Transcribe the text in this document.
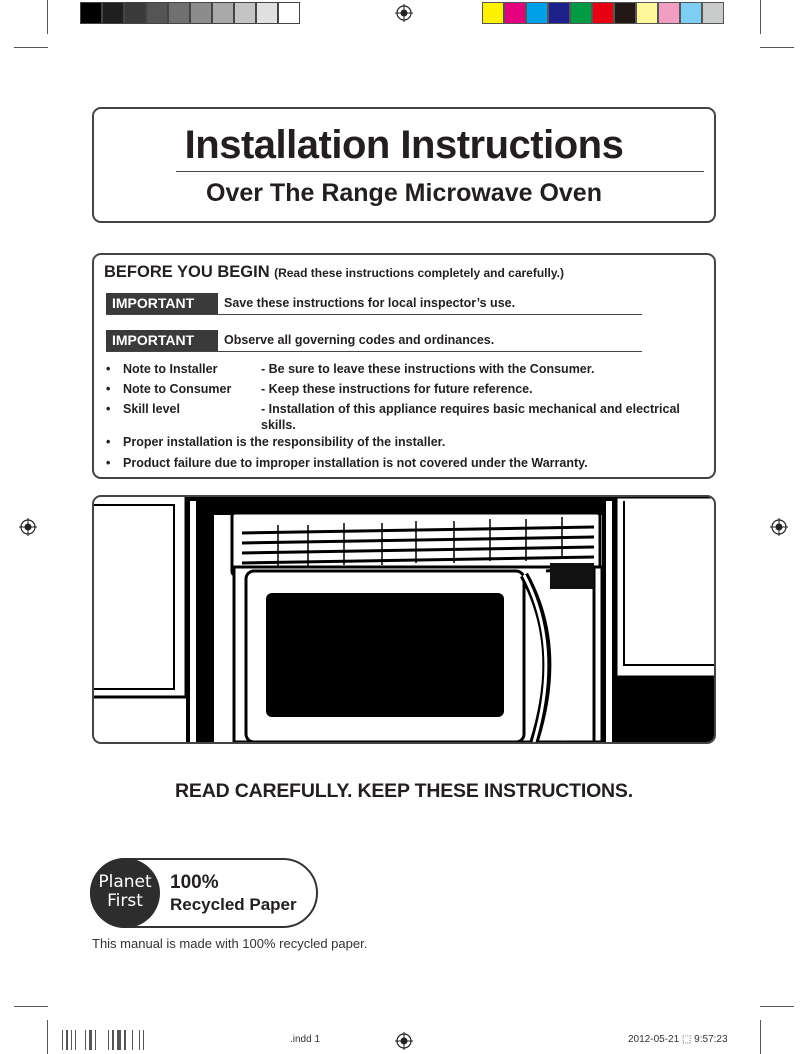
Installation Instructions
Over The Range Microwave Oven
BEFORE YOU BEGIN (Read these instructions completely and carefully.)
IMPORTANT	Save these instructions for local inspector’s use.
IMPORTANT	Observe all governing codes and ordinances.
• Note to Installer	- Be sure to leave these instructions with the Consumer.
• Note to Consumer - Keep these instructions for future reference.
• Skill level	- Installation of this appliance requires basic mechanical and electrical skills.
• Proper installation is the responsibility of the installer.
• Product failure due to improper installation is not covered under the Warranty.
READ CAREFULLY. KEEP THESE INSTRUCTIONS.
Planet
First
100%
Recycled Paper
This manual is made with 100% recycled paper.
.indd 1	2012-05-21 ⬚ 9:57:23
